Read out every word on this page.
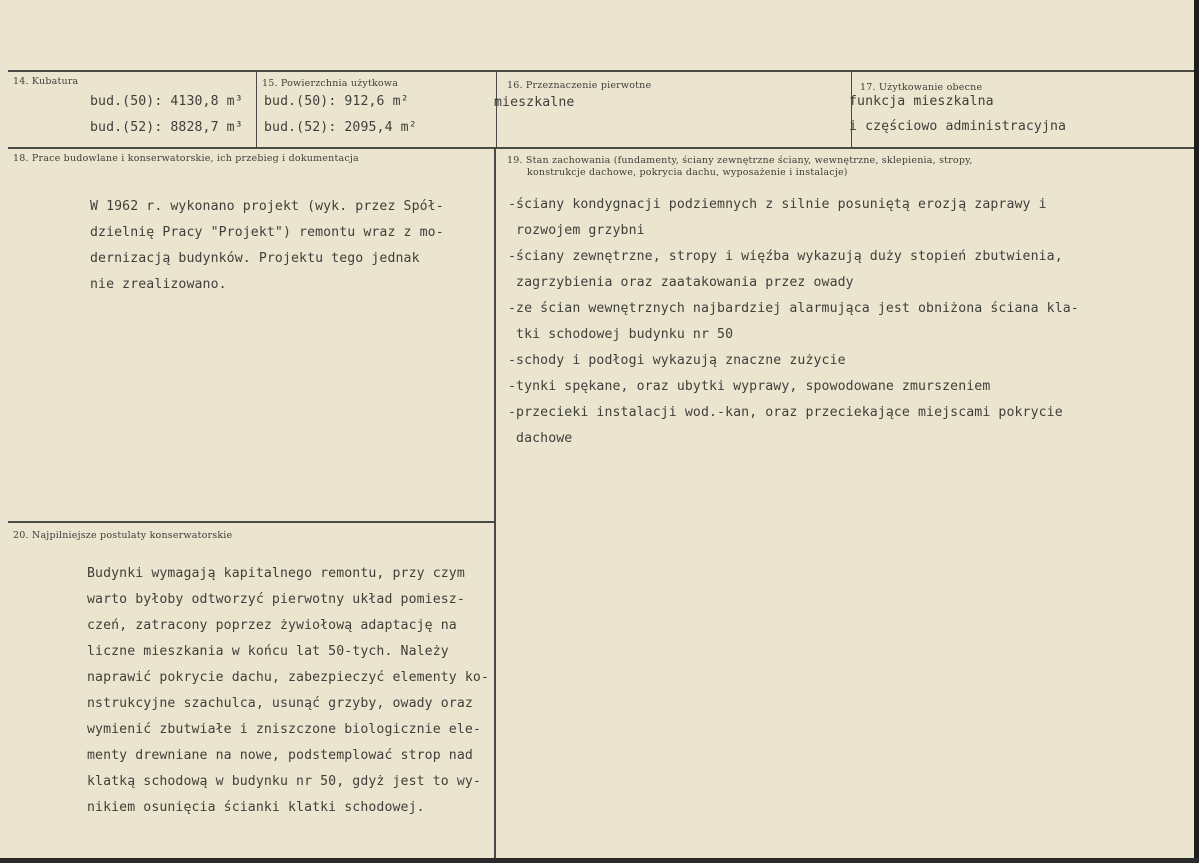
14. Kubatura
bud.(50): 4130,8 m³
bud.(52): 8828,7 m³
15. Powierzchnia użytkowa
bud.(50): 912,6 m²
bud.(52): 2095,4 m²
16. Przeznaczenie pierwotne
mieszkalne
17. Użytkowanie obecne
funkcja mieszkalna
i częściowo administracyjna
18. Prace budowlane i konserwatorskie, ich przebieg i dokumentacja
W 1962 r. wykonano projekt (wyk. przez Spół-
dzielnię Pracy "Projekt") remontu wraz z mo-
dernizacją budynków. Projektu tego jednak
nie zrealizowano.
19. Stan zachowania (fundamenty, ściany zewnętrzne ściany, wewnętrzne, sklepienia, stropy,
konstrukcje dachowe, pokrycia dachu, wyposażenie i instalacje)
-ściany kondygnacji podziemnych z silnie posuniętą erozją zaprawy i
rozwojem grzybni
-ściany zewnętrzne, stropy i więźba wykazują duży stopień zbutwienia,
zagrzybienia oraz zaatakowania przez owady
-ze ścian wewnętrznych najbardziej alarmująca jest obniżona ściana kla-
tki schodowej budynku nr 50
-schody i podłogi wykazują znaczne zużycie
-tynki spękane, oraz ubytki wyprawy, spowodowane zmurszeniem
-przecieki instalacji wod.-kan, oraz przeciekające miejscami pokrycie
dachowe
20. Najpilniejsze postulaty konserwatorskie
Budynki wymagają kapitalnego remontu, przy czym
warto byłoby odtworzyć pierwotny układ pomiesz-
czeń, zatracony poprzez żywiołową adaptację na
liczne mieszkania w końcu lat 50-tych. Należy
naprawić pokrycie dachu, zabezpieczyć elementy ko-
nstrukcyjne szachulca, usunąć grzyby, owady oraz
wymienić zbutwiałe i zniszczone biologicznie ele-
menty drewniane na nowe, podstemplować strop nad
klatką schodową w budynku nr 50, gdyż jest to wy-
nikiem osunięcia ścianki klatki schodowej.
